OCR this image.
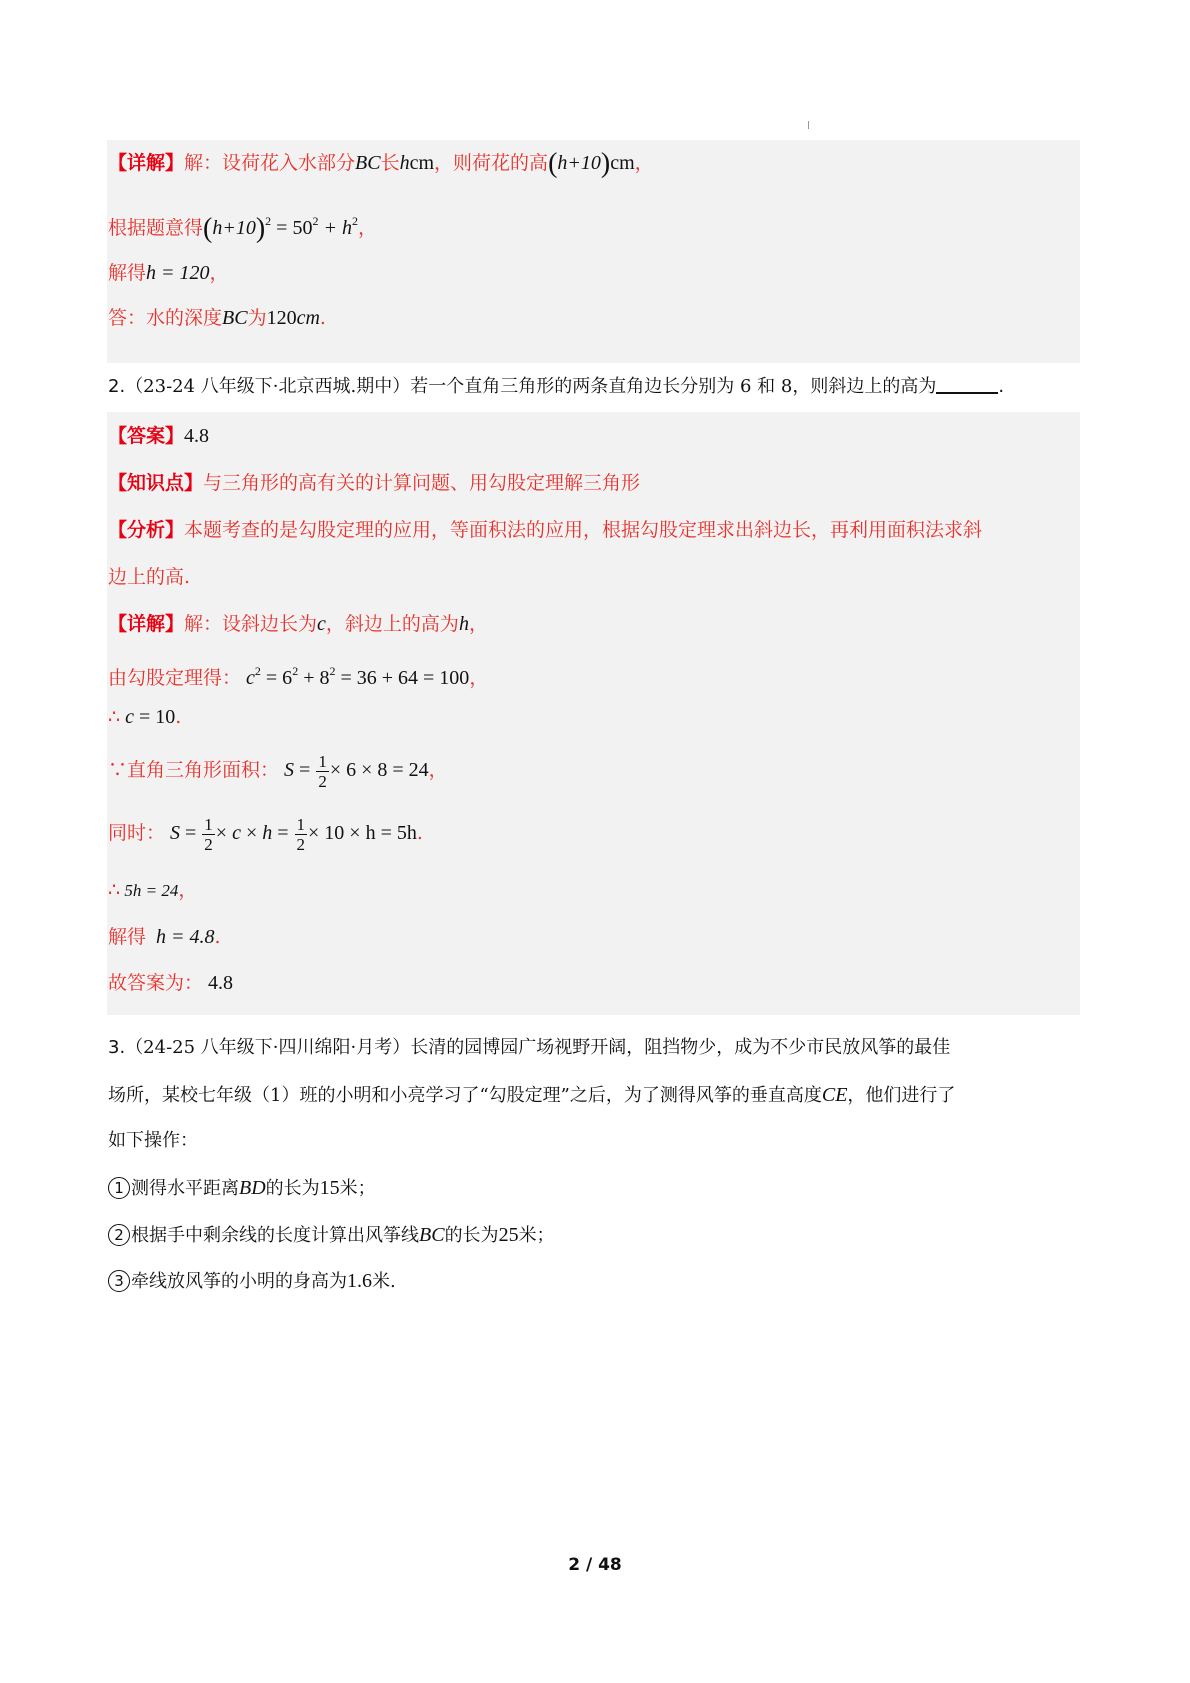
【详解】解：设荷花入水部分BC长hcm，则荷花的高(h+10)cm，
根据题意得$(h+10)^2 = 50^2 + h^2$，
解得h = 120，
答：水的深度BC为120cm.
2.（23-24 八年级下·北京西城.期中）若一个直角三角形的两条直角边长分别为 6 和 8，则斜边上的高为	.
【答案】4.8
【知识点】与三角形的高有关的计算问题、用勾股定理解三角形
【分析】本题考查的是勾股定理的应用，等面积法的应用，根据勾股定理求出斜边长，再利用面积法求斜
边上的高.
【详解】解：设斜边长为c，斜边上的高为h，
由勾股定理得： $c^2 = 6^2 + 8^2 = 36 + 64 = 100$，
∴ c = 10.
∵直角三角形面积： $S = \frac{1}{2} \times 6 \times 8 = 24$，
同时： $S = \frac{1}{2} \times c \times h = \frac{1}{2} \times 10 \times h = 5h$.
∴ 5h = 24，
解得 h = 4.8.
故答案为： 4.8
3.（24-25 八年级下·四川绵阳·月考）长清的园博园广场视野开阔，阻挡物少，成为不少市民放风筝的最佳
场所，某校七年级（1）班的小明和小亮学习了“勾股定理”之后，为了测得风筝的垂直高度CE，他们进行了
如下操作：
1 测得水平距离BD的长为15米；
2 根据手中剩余线的长度计算出风筝线BC的长为25米；
3 牵线放风筝的小明的身高为1.6米.
2 / 48
